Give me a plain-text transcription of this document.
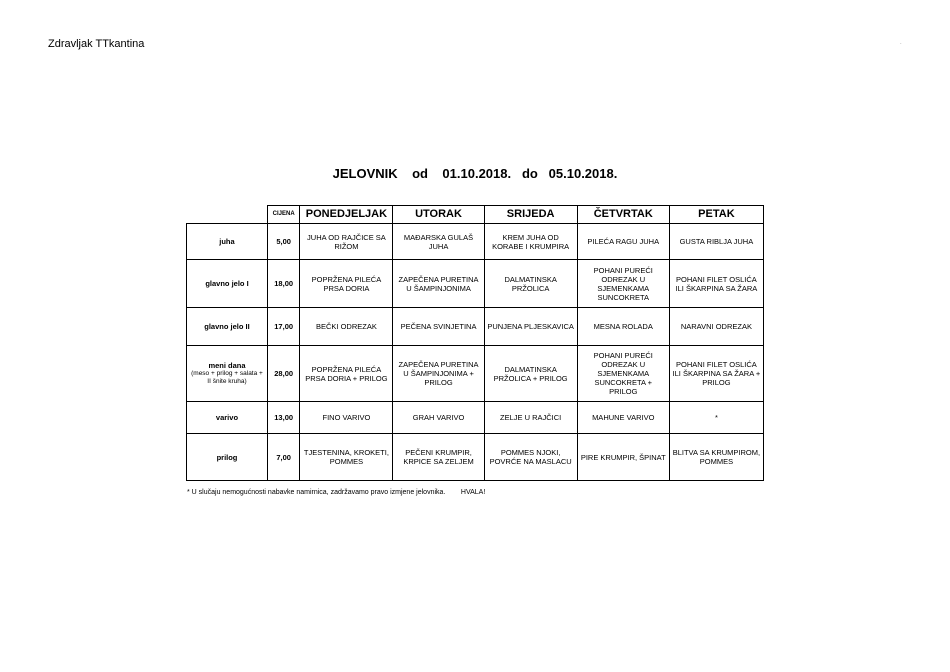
Zdravljak TTkantina	.
JELOVNIK    od    01.10.2018.   do   05.10.2018.
	CIJENA	PONEDJELJAK	UTORAK	SRIJEDA	ČETVRTAK	PETAK
juha	5,00	JUHA OD RAJČICE SA RIŽOM	MAĐARSKA GULAŠ JUHA	KREM JUHA OD KORABE I KRUMPIRA	PILEĆA RAGU JUHA	GUSTA RIBLJA JUHA
glavno jelo I	18,00	POPRŽENA PILEĆA PRSA DORIA	ZAPEČENA PURETINA U ŠAMPINJONIMA	DALMATINSKA PRŽOLICA	POHANI PUREĆI ODREZAK U SJEMENKAMA SUNCOKRETA	POHANI FILET OSLIĆA ILI ŠKARPINA SA ŽARA
glavno jelo II	17,00	BEČKI ODREZAK	PEČENA SVINJETINA	PUNJENA PLJESKAVICA	MESNA ROLADA	NARAVNI ODREZAK
meni dana
(meso + prilog + salata + II šnite kruha)	28,00	POPRŽENA PILEĆA PRSA DORIA + PRILOG	ZAPEČENA PURETINA U ŠAMPINJONIMA + PRILOG	DALMATINSKA PRŽOLICA + PRILOG	POHANI PUREĆI ODREZAK U SJEMENKAMA SUNCOKRETA + PRILOG	POHANI FILET OSLIĆA ILI ŠKARPINA SA ŽARA + PRILOG
varivo	13,00	FINO VARIVO	GRAH VARIVO	ZELJE U RAJČICI	MAHUNE VARIVO	*
prilog	7,00	TJESTENINA, KROKETI, POMMES	PEČENI KRUMPIR, KRPICE SA ZELJEM	POMMES NJOKI, POVRĆE NA MASLACU	PIRE KRUMPIR, ŠPINAT	BLITVA SA KRUMPIROM, POMMES
* U slučaju nemogućnosti nabavke namirnica, zadržavamo pravo izmjene jelovnika.        HVALA!
